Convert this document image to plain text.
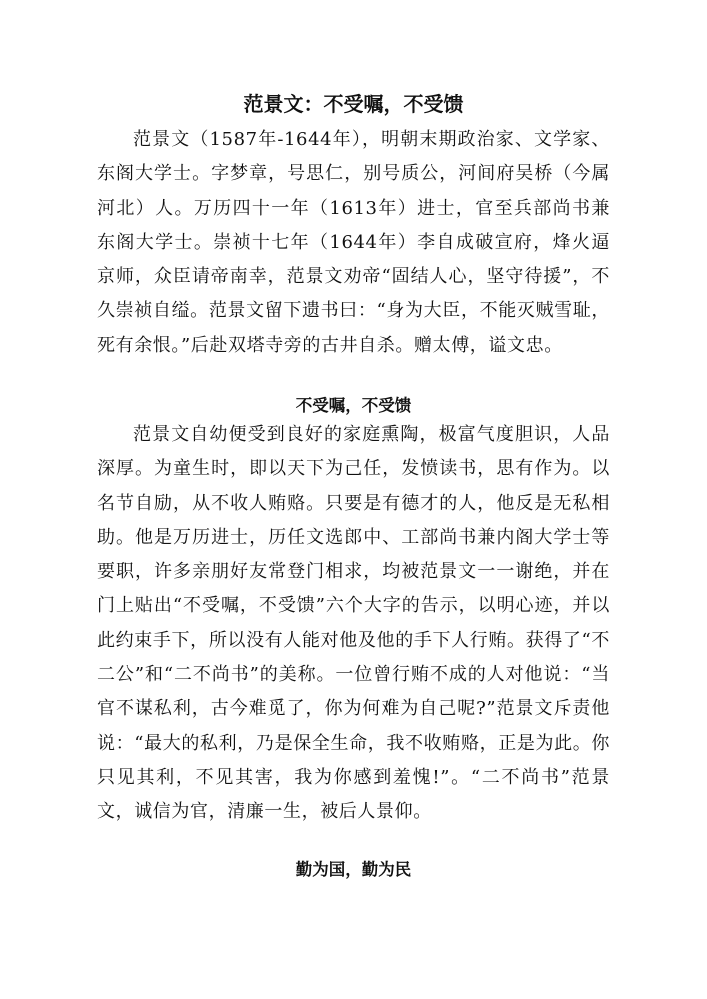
范景文：不受嘱，不受馈

范景文（1587年-1644年），明朝末期政治家、文学家、东阁大学士。字梦章，号思仁，别号质公，河间府吴桥（今属河北）人。万历四十一年（1613年）进士，官至兵部尚书兼东阁大学士。崇祯十七年（1644年）李自成破宣府，烽火逼京师，众臣请帝南幸，范景文劝帝“固结人心，坚守待援”，不久崇祯自缢。范景文留下遗书曰：“身为大臣，不能灭贼雪耻，死有余恨。”后赴双塔寺旁的古井自杀。赠太傅，谥文忠。

不受嘱，不受馈

范景文自幼便受到良好的家庭熏陶，极富气度胆识，人品深厚。为童生时，即以天下为己任，发愤读书，思有作为。以名节自励，从不收人贿赂。只要是有德才的人，他反是无私相助。他是万历进士，历任文选郎中、工部尚书兼内阁大学士等要职，许多亲朋好友常登门相求，均被范景文一一谢绝，并在门上贴出“不受嘱，不受馈”六个大字的告示，以明心迹，并以此约束手下，所以没有人能对他及他的手下人行贿。获得了“不二公”和“二不尚书”的美称。一位曾行贿不成的人对他说：“当官不谋私利，古今难觅了，你为何难为自己呢?”范景文斥责他说：“最大的私利，乃是保全生命，我不收贿赂，正是为此。你只见其利，不见其害，我为你感到羞愧!”。“二不尚书”范景文，诚信为官，清廉一生，被后人景仰。

勤为国，勤为民
